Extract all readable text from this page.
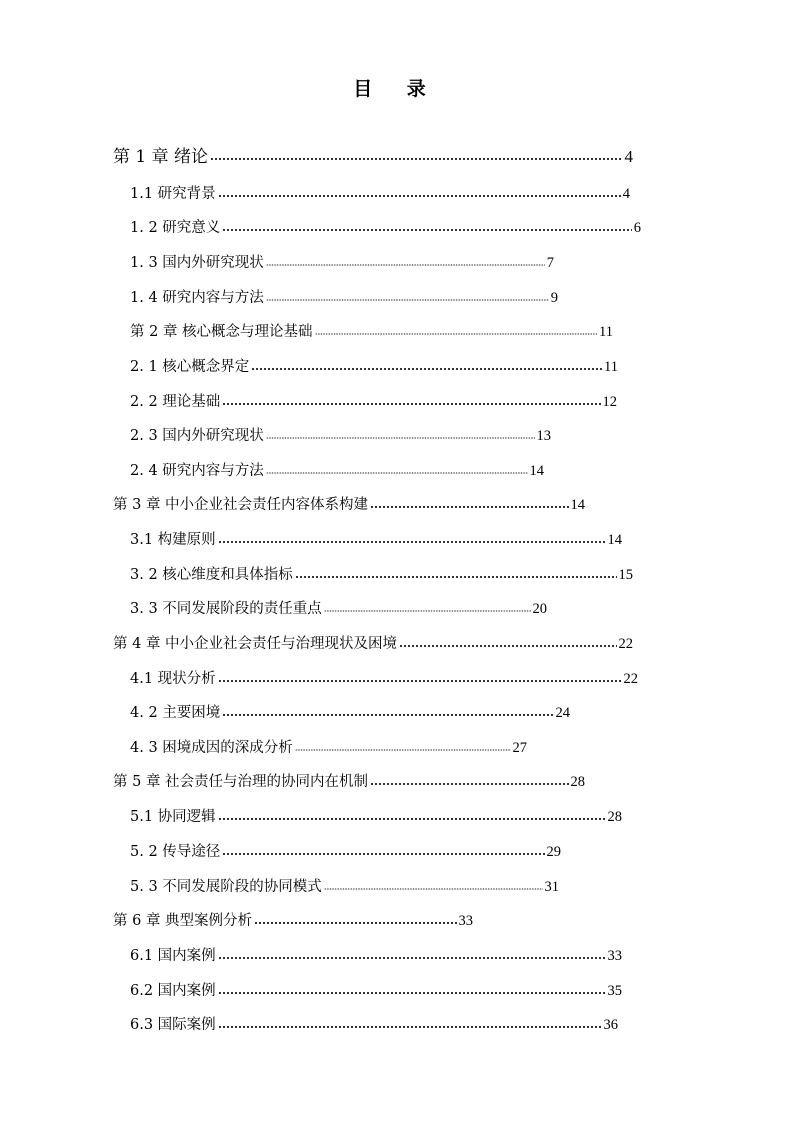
目 录
第 1 章 绪论	4
1.1 研究背景	4
1. 2 研究意义	6
1. 3 国内外研究现状	7
1. 4 研究内容与方法	9
第 2 章 核心概念与理论基础	11
2. 1 核心概念界定	11
2. 2 理论基础	12
2. 3 国内外研究现状	13
2. 4 研究内容与方法	14
第 3 章 中小企业社会责任内容体系构建	14
3.1 构建原则	14
3. 2 核心维度和具体指标	15
3. 3 不同发展阶段的责任重点	20
第 4 章 中小企业社会责任与治理现状及困境	22
4.1 现状分析	22
4. 2 主要困境	24
4. 3 困境成因的深成分析	27
第 5 章 社会责任与治理的协同内在机制	28
5.1 协同逻辑	28
5. 2 传导途径	29
5. 3 不同发展阶段的协同模式	31
第 6 章 典型案例分析	33
6.1 国内案例	33
6.2 国内案例	35
6.3 国际案例	36
